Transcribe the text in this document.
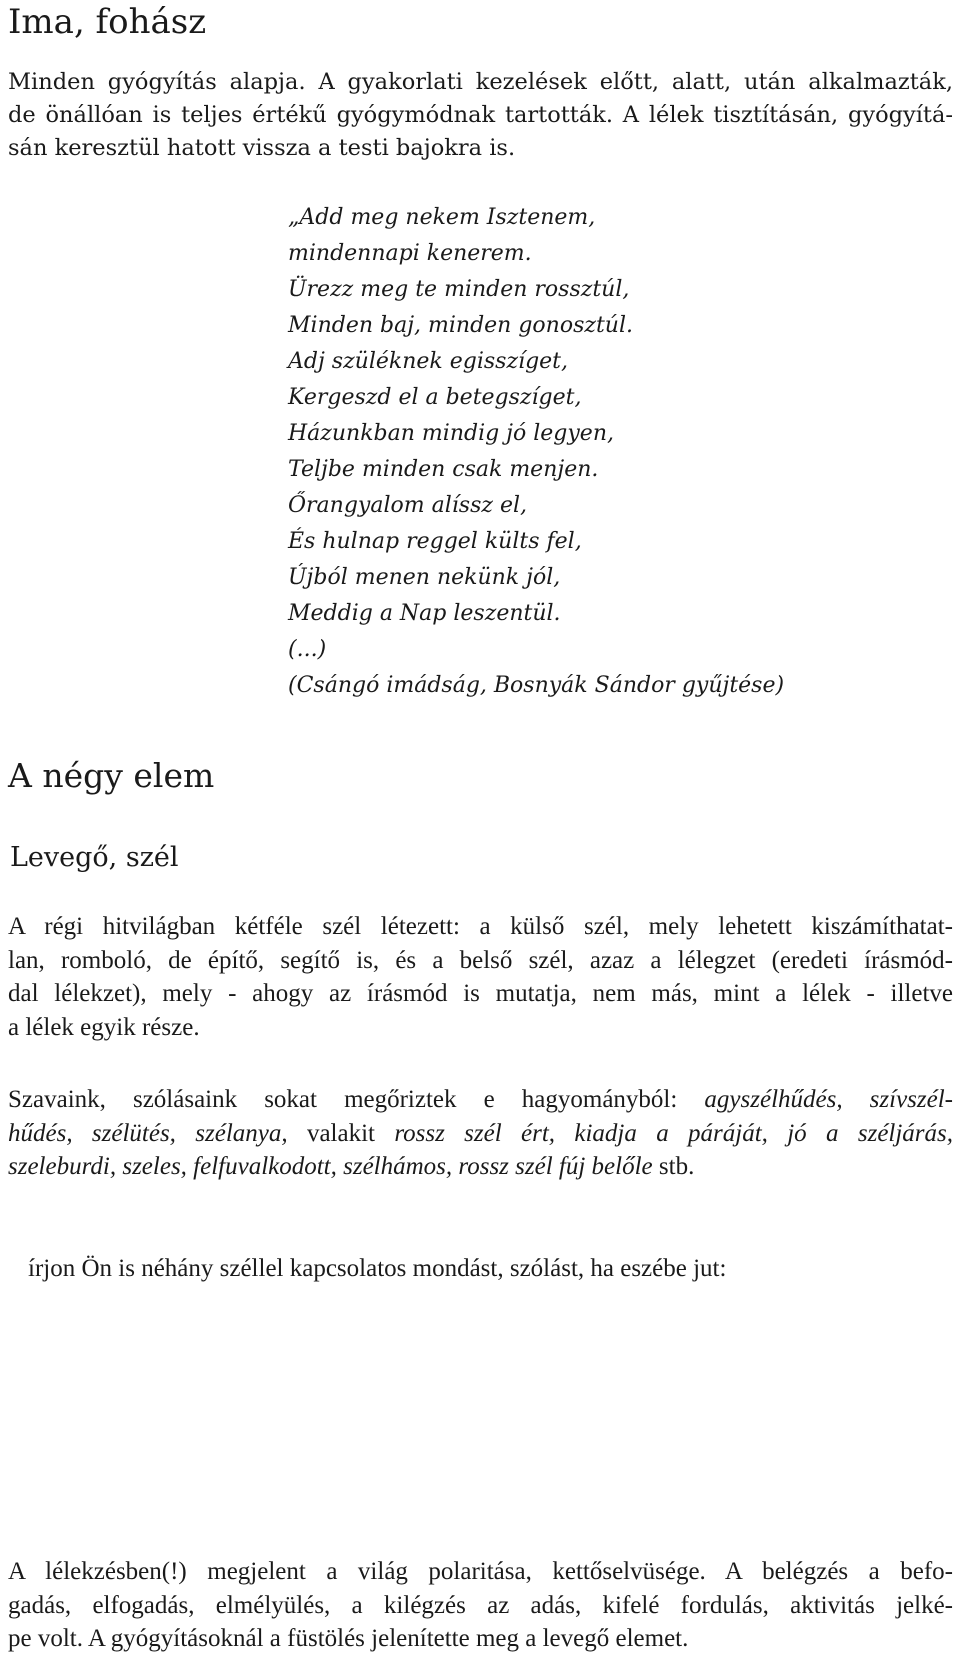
Ima, fohász

Minden gyógyítás alapja. A gyakorlati kezelések előtt, alatt, után alkalmazták,
de önállóan is teljes értékű gyógymódnak tartották. A lélek tisztításán, gyógyítá-
sán keresztül hatott vissza a testi bajokra is.

„Add meg nekem Isztenem,
mindennapi kenerem.
Ürezz meg te minden rossztúl,
Minden baj, minden gonosztúl.
Adj szüléknek egisszíget,
Kergeszd el a betegszíget,
Házunkban mindig jó legyen,
Teljbe minden csak menjen.
Őrangyalom alíssz el,
És hulnap reggel külts fel,
Újból menen nekünk jól,
Meddig a Nap leszentül.
(...)
(Csángó imádság, Bosnyák Sándor gyűjtése)
A négy elem
Levegő, szél

A régi hitvilágban kétféle szél létezett: a külső szél, mely lehetett kiszámíthatat-
lan, romboló, de építő, segítő is, és a belső szél, azaz a lélegzet (eredeti írásmód-
dal lélekzet), mely - ahogy az írásmód is mutatja, nem más, mint a lélek - illetve
a lélek egyik része.

Szavaink, szólásaink sokat megőriztek e hagyományból: agyszélhűdés, szívszél-
hűdés, szélütés, szélanya, valakit rossz szél ért, kiadja a páráját, jó a széljárás,
szeleburdi, szeles, felfuvalkodott, szélhámos, rossz szél fúj belőle stb.

írjon Ön is néhány széllel kapcsolatos mondást, szólást, ha eszébe jut:

A lélekzésben(!) megjelent a világ polaritása, kettőselvüsége. A belégzés a befo-
gadás, elfogadás, elmélyülés, a kilégzés az adás, kifelé fordulás, aktivitás jelké-
pe volt. A gyógyításoknál a füstölés jelenítette meg a levegő elemet.
